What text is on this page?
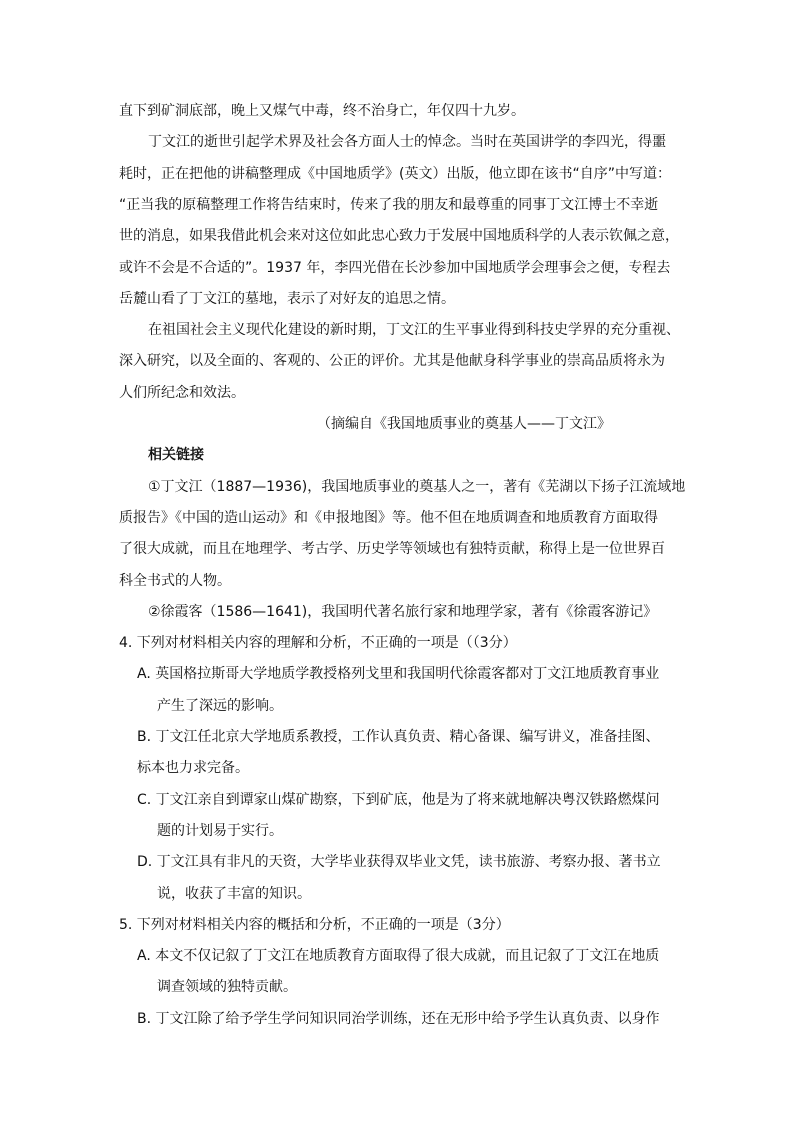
直下到矿洞底部，晚上又煤气中毒，终不治身亡，年仅四十九岁。
丁文江的逝世引起学术界及社会各方面人士的悼念。当时在英国讲学的李四光，得噩
耗时，正在把他的讲稿整理成《中国地质学》(英文）出版，他立即在该书“自序”中写道：
“正当我的原稿整理工作将告结束时，传来了我的朋友和最尊重的同事丁文江博士不幸逝
世的消息，如果我借此机会来对这位如此忠心致力于发展中国地质科学的人表示钦佩之意，
或许不会是不合适的”。1937 年，李四光借在长沙参加中国地质学会理事会之便，专程去
岳麓山看了丁文江的墓地，表示了对好友的追思之情。
在祖国社会主义现代化建设的新时期，丁文江的生平事业得到科技史学界的充分重视、
深入研究，以及全面的、客观的、公正的评价。尤其是他献身科学事业的崇高品质将永为
人们所纪念和效法。
（摘编自《我国地质事业的奠基人——丁文江》
相关链接
①丁文江（1887—1936)，我国地质事业的奠基人之一，著有《芜湖以下扬子江流域地
质报告》《中国的造山运动》和《申报地图》等。他不但在地质调查和地质教育方面取得
了很大成就，而且在地理学、考古学、历史学等领域也有独特贡献，称得上是一位世界百
科全书式的人物。
②徐霞客（1586—1641)，我国明代著名旅行家和地理学家，著有《徐霞客游记》
4. 下列对材料相关内容的理解和分析，不正确的一项是（（3分）
A. 英国格拉斯哥大学地质学教授格列戈里和我国明代徐霞客都对丁文江地质教育事业
产生了深远的影响。
B. 丁文江任北京大学地质系教授，工作认真负责、精心备课、编写讲义，准备挂图、
标本也力求完备。
C. 丁文江亲自到谭家山煤矿勘察，下到矿底，他是为了将来就地解决粤汉铁路燃煤问
题的计划易于实行。
D. 丁文江具有非凡的天资，大学毕业获得双毕业文凭，读书旅游、考察办报、著书立
说，收获了丰富的知识。
5. 下列对材料相关内容的概括和分析，不正确的一项是（3分）
A. 本文不仅记叙了丁文江在地质教育方面取得了很大成就，而且记叙了丁文江在地质
调查领域的独特贡献。
B. 丁文江除了给予学生学问知识同治学训练，还在无形中给予学生认真负责、以身作
